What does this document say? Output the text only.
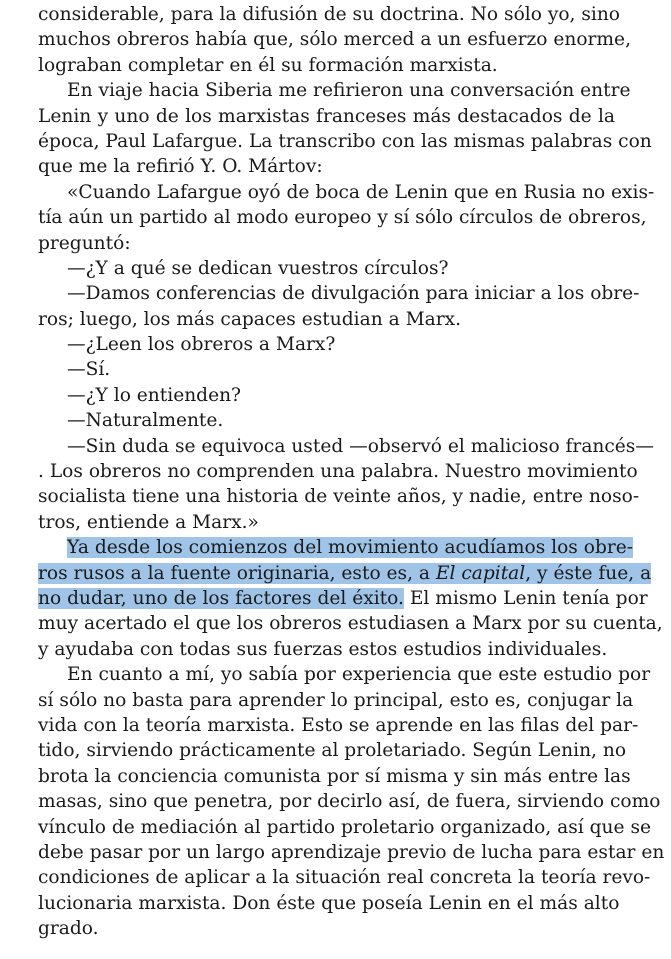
considerable, para la difusión de su doctrina. No sólo yo, sino
muchos obreros había que, sólo merced a un esfuerzo enorme,
lograban completar en él su formación marxista.
En viaje hacia Siberia me refirieron una conversación entre
Lenin y uno de los marxistas franceses más destacados de la
época, Paul Lafargue. La transcribo con las mismas palabras con
que me la refirió Y. O. Mártov:
«Cuando Lafargue oyó de boca de Lenin que en Rusia no exis-
tía aún un partido al modo europeo y sí sólo círculos de obreros,
preguntó:
—¿Y a qué se dedican vuestros círculos?
—Damos conferencias de divulgación para iniciar a los obre-
ros; luego, los más capaces estudian a Marx.
—¿Leen los obreros a Marx?
—Sí.
—¿Y lo entienden?
—Naturalmente.
—Sin duda se equivoca usted —observó el malicioso francés—
. Los obreros no comprenden una palabra. Nuestro movimiento
socialista tiene una historia de veinte años, y nadie, entre noso-
tros, entiende a Marx.»
Ya desde los comienzos del movimiento acudíamos los obre-
ros rusos a la fuente originaria, esto es, a El capital, y éste fue, a
no dudar, uno de los factores del éxito. El mismo Lenin tenía por
muy acertado el que los obreros estudiasen a Marx por su cuenta,
y ayudaba con todas sus fuerzas estos estudios individuales.
En cuanto a mí, yo sabía por experiencia que este estudio por
sí sólo no basta para aprender lo principal, esto es, conjugar la
vida con la teoría marxista. Esto se aprende en las filas del par-
tido, sirviendo prácticamente al proletariado. Según Lenin, no
brota la conciencia comunista por sí misma y sin más entre las
masas, sino que penetra, por decirlo así, de fuera, sirviendo como
vínculo de mediación al partido proletario organizado, así que se
debe pasar por un largo aprendizaje previo de lucha para estar en
condiciones de aplicar a la situación real concreta la teoría revo-
lucionaria marxista. Don éste que poseía Lenin en el más alto
grado.
